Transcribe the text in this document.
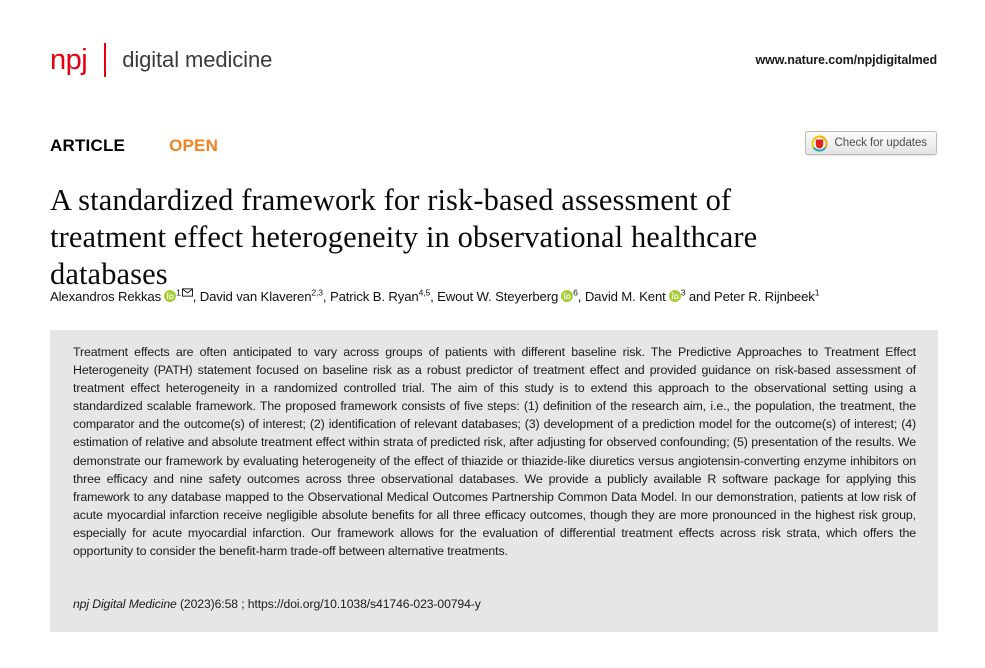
npj digital medicine	www.nature.com/npjdigitalmed
ARTICLE	OPEN	Check for updates
A standardized framework for risk-based assessment of treatment effect heterogeneity in observational healthcare databases
Alexandros Rekkas $^1$ , David van Klaveren$^{2,3}$, Patrick B. Ryan$^{4,5}$, Ewout W. Steyerberg $^6$, David M. Kent $^3$ and Peter R. Rijnbeek$^1$

Treatment effects are often anticipated to vary across groups of patients with different baseline risk. The Predictive Approaches to Treatment Effect Heterogeneity (PATH) statement focused on baseline risk as a robust predictor of treatment effect and provided guidance on risk-based assessment of treatment effect heterogeneity in a randomized controlled trial. The aim of this study is to extend this approach to the observational setting using a standardized scalable framework. The proposed framework consists of five steps: (1) definition of the research aim, i.e., the population, the treatment, the comparator and the outcome(s) of interest; (2) identification of relevant databases; (3) development of a prediction model for the outcome(s) of interest; (4) estimation of relative and absolute treatment effect within strata of predicted risk, after adjusting for observed confounding; (5) presentation of the results. We demonstrate our framework by evaluating heterogeneity of the effect of thiazide or thiazide-like diuretics versus angiotensin-converting enzyme inhibitors on three efficacy and nine safety outcomes across three observational databases. We provide a publicly available R software package for applying this framework to any database mapped to the Observational Medical Outcomes Partnership Common Data Model. In our demonstration, patients at low risk of acute myocardial infarction receive negligible absolute benefits for all three efficacy outcomes, though they are more pronounced in the highest risk group, especially for acute myocardial infarction. Our framework allows for the evaluation of differential treatment effects across risk strata, which offers the opportunity to consider the benefit-harm trade-off between alternative treatments.

npj Digital Medicine (2023)6:58 ; https://doi.org/10.1038/s41746-023-00794-y
